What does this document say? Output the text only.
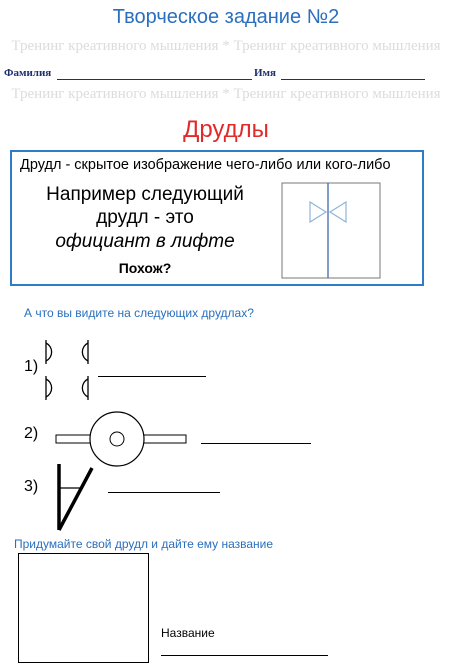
Творческое задание №2
Тренинг креативного мышления * Тренинг креативного мышления
Фамилия	Имя
Тренинг креативного мышления * Тренинг креативного мышления
Друдлы
Друдл - скрытое изображение чего-либо или кого-либо
Например следующий
друдл - это
официант в лифте
Похож?
А что вы видите на следующих друдлах?
1)
2)
3)
Придумайте свой друдл и дайте ему название
Название
